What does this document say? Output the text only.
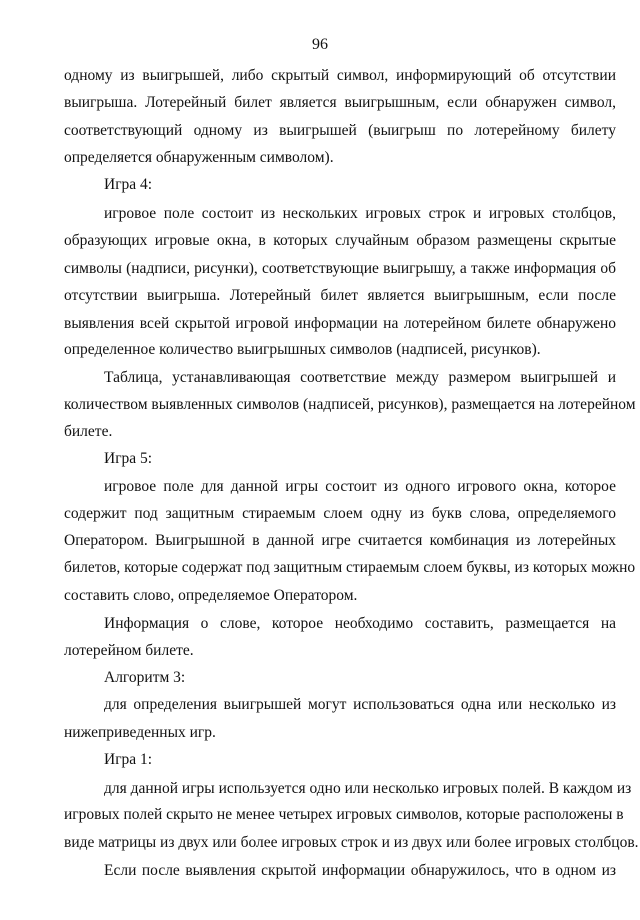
96
одному из выигрышей, либо скрытый символ, информирующий об отсутствии
выигрыша. Лотерейный билет является выигрышным, если обнаружен символ,
соответствующий одному из выигрышей (выигрыш по лотерейному билету
определяется обнаруженным символом).
Игра 4:
игровое поле состоит из нескольких игровых строк и игровых столбцов,
образующих игровые окна, в которых случайным образом размещены скрытые
символы (надписи, рисунки), соответствующие выигрышу, а также информация об
отсутствии выигрыша. Лотерейный билет является выигрышным, если после
выявления всей скрытой игровой информации на лотерейном билете обнаружено
определенное количество выигрышных символов (надписей, рисунков).
Таблица, устанавливающая соответствие между размером выигрышей и
количеством выявленных символов (надписей, рисунков), размещается на лотерейном
билете.
Игра 5:
игровое поле для данной игры состоит из одного игрового окна, которое
содержит под защитным стираемым слоем одну из букв слова, определяемого
Оператором. Выигрышной в данной игре считается комбинация из лотерейных
билетов, которые содержат под защитным стираемым слоем буквы, из которых можно
составить слово, определяемое Оператором.
Информация о слове, которое необходимо составить, размещается на
лотерейном билете.
Алгоритм 3:
для определения выигрышей могут использоваться одна или несколько из
нижеприведенных игр.
Игра 1:
для данной игры используется одно или несколько игровых полей. В каждом из
игровых полей скрыто не менее четырех игровых символов, которые расположены в
виде матрицы из двух или более игровых строк и из двух или более игровых столбцов.
Если после выявления скрытой информации обнаружилось, что в одном из
